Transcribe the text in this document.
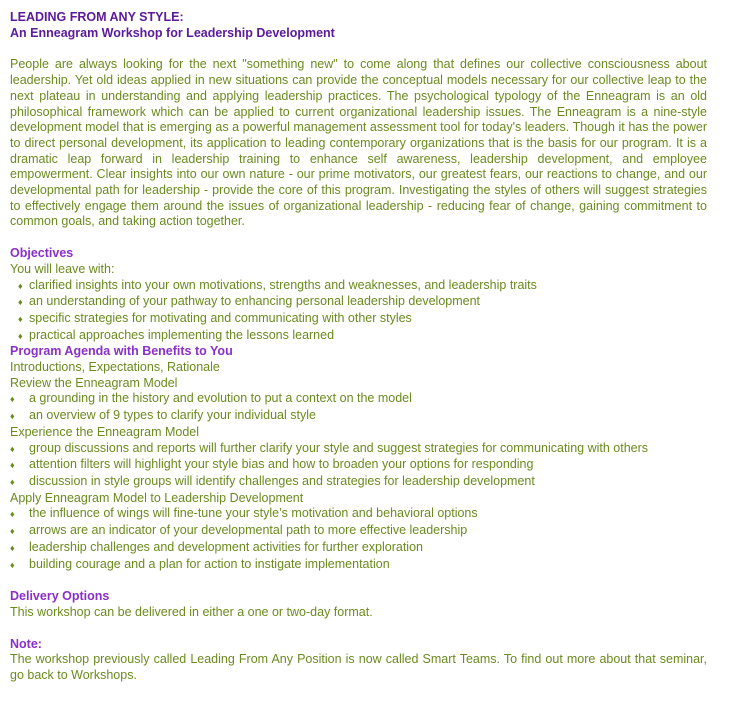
LEADING FROM ANY STYLE:

An Enneagram Workshop for Leadership Development

People are always looking for the next "something new" to come along that defines our collective consciousness about leadership. Yet old ideas applied in new situations can provide the conceptual models necessary for our collective leap to the next plateau in understanding and applying leadership practices. The psychological typology of the Enneagram is an old philosophical framework which can be applied to current organizational leadership issues. The Enneagram is a nine-style development model that is emerging as a powerful management assessment tool for today's leaders. Though it has the power to direct personal development, its application to leading contemporary organizations that is the basis for our program. It is a dramatic leap forward in leadership training to enhance self awareness, leadership development, and employee empowerment. Clear insights into our own nature - our prime motivators, our greatest fears, our reactions to change, and our developmental path for leadership - provide the core of this program. Investigating the styles of others will suggest strategies to effectively engage them around the issues of organizational leadership - reducing fear of change, gaining commitment to common goals, and taking action together.

Objectives

You will leave with:

♦ clarified insights into your own motivations, strengths and weaknesses, and leadership traits
♦ an understanding of your pathway to enhancing personal leadership development
♦ specific strategies for motivating and communicating with other styles
♦ practical approaches implementing the lessons learned

Program Agenda with Benefits to You

Introductions, Expectations, Rationale

Review the Enneagram Model

♦ a grounding in the history and evolution to put a context on the model
♦ an overview of 9 types to clarify your individual style

Experience the Enneagram Model

♦ group discussions and reports will further clarify your style and suggest strategies for communicating with others
♦ attention filters will highlight your style bias and how to broaden your options for responding
♦ discussion in style groups will identify challenges and strategies for leadership development

Apply Enneagram Model to Leadership Development

♦ the influence of wings will fine-tune your style’s motivation and behavioral options
♦ arrows are an indicator of your developmental path to more effective leadership
♦ leadership challenges and development activities for further exploration
♦ building courage and a plan for action to instigate implementation

Delivery Options

This workshop can be delivered in either a one or two-day format.

Note:

The workshop previously called Leading From Any Position is now called Smart Teams. To find out more about that seminar, go back to Workshops.
